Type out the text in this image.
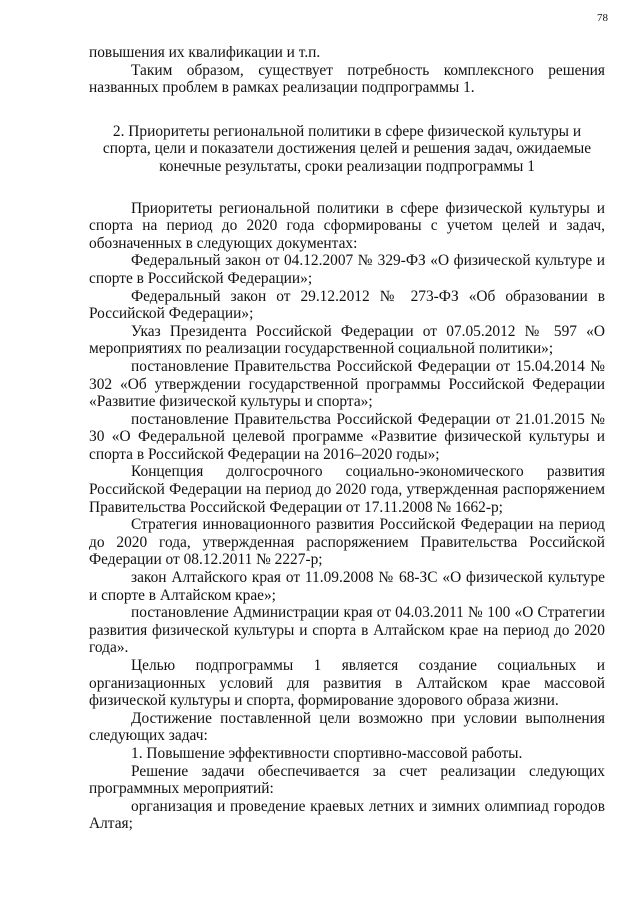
78

повышения их квалификации и т.п.

Таким образом, существует потребность комплексного решения названных проблем в рамках реализации подпрограммы 1.

2. Приоритеты региональной политики в сфере физической культуры и спорта, цели и показатели достижения целей и решения задач, ожидаемые конечные результаты, сроки реализации подпрограммы 1

Приоритеты региональной политики в сфере физической культуры и спорта на период до 2020 года сформированы с учетом целей и задач, обозначенных в следующих документах:

Федеральный закон от 04.12.2007 № 329-ФЗ «О физической культуре и спорте в Российской Федерации»;

Федеральный закон от 29.12.2012 № 273-ФЗ «Об образовании в Российской Федерации»;

Указ Президента Российской Федерации от 07.05.2012 № 597 «О мероприятиях по реализации государственной социальной политики»;

постановление Правительства Российской Федерации от 15.04.2014 № 302 «Об утверждении государственной программы Российской Федерации «Развитие физической культуры и спорта»;

постановление Правительства Российской Федерации от 21.01.2015 № 30 «О Федеральной целевой программе «Развитие физической культуры и спорта в Российской Федерации на 2016–2020 годы»;

Концепция долгосрочного социально-экономического развития Российской Федерации на период до 2020 года, утвержденная распоряжением Правительства Российской Федерации от 17.11.2008 № 1662-р;

Стратегия инновационного развития Российской Федерации на период до 2020 года, утвержденная распоряжением Правительства Российской Федерации от 08.12.2011 № 2227-р;

закон Алтайского края от 11.09.2008 № 68-ЗС «О физической культуре и спорте в Алтайском крае»;

постановление Администрации края от 04.03.2011 № 100 «О Стратегии развития физической культуры и спорта в Алтайском крае на период до 2020 года».

Целью подпрограммы 1 является создание социальных и организационных условий для развития в Алтайском крае массовой физической культуры и спорта, формирование здорового образа жизни.

Достижение поставленной цели возможно при условии выполнения следующих задач:

1. Повышение эффективности спортивно-массовой работы.

Решение задачи обеспечивается за счет реализации следующих программных мероприятий:

организация и проведение краевых летних и зимних олимпиад городов Алтая;
